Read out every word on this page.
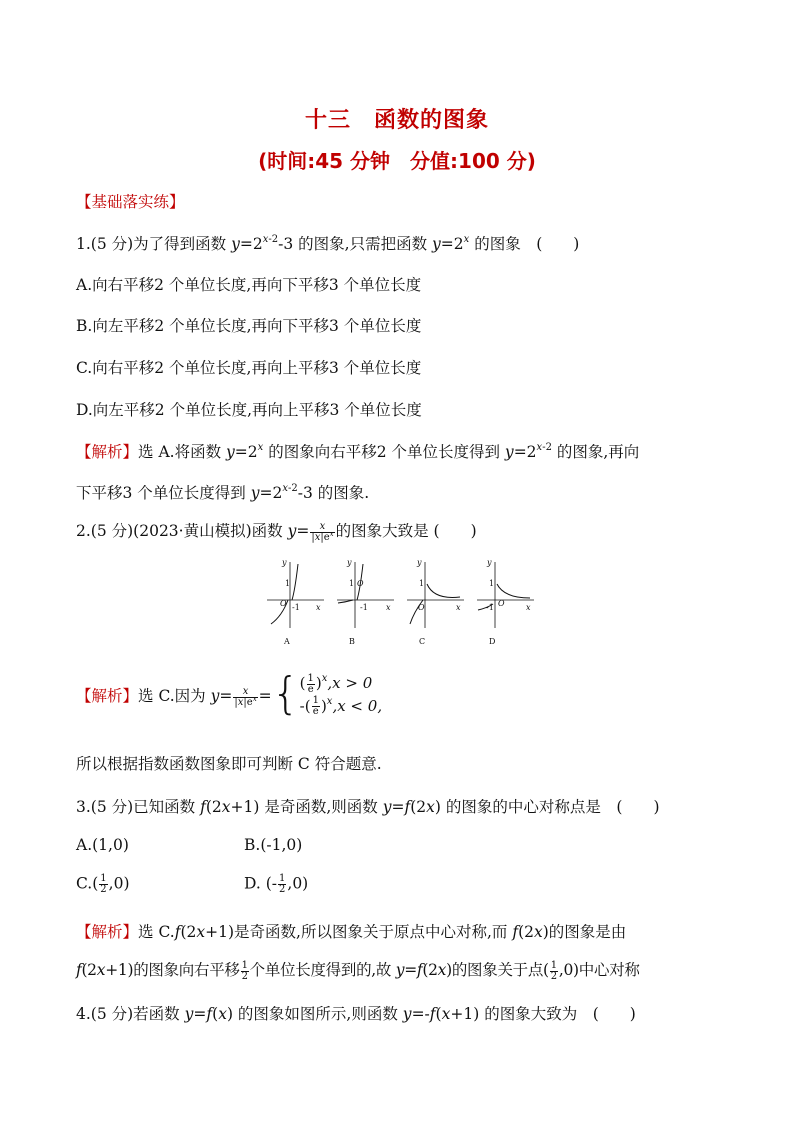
十三　函数的图象
(时间:45 分钟　分值:100 分)
【基础落实练】
1.(5 分)为了得到函数 $y=2^{x-2}-3$ 的图象,只需把函数 $y=2^x$ 的图象　(　　)
A.向右平移2 个单位长度,再向下平移3 个单位长度
B.向左平移2 个单位长度,再向下平移3 个单位长度
C.向右平移2 个单位长度,再向上平移3 个单位长度
D.向左平移2 个单位长度,再向上平移3 个单位长度
【解析】选 A.将函数 $y=2^x$ 的图象向右平移2 个单位长度得到 $y=2^{x-2}$ 的图象,再向
下平移3 个单位长度得到 $y=2^{x-2}-3$ 的图象.
2.(5 分)(2023·黄山模拟)函数 $y= \frac{x}{|x|e^x}$ 的图象大致是 (　　)
y
x
O
1
-1
A
y
x
O
1
-1
B
y
x
O
1
C
y
x
O
1
-1
D
【解析】选 C.因为 $y= \frac{x}{|x|e^x}$ ={ ( $\frac{1}{e} )^x,x > 0$
-( $\frac{1}{e} )^x,x < 0$,
所以根据指数函数图象即可判断 C 符合题意.
3.(5 分)已知函数 f(2x+1) 是奇函数,则函数 y=f(2x) 的图象的中心对称点是　(　　)
A.(1,0)	B.(-1,0)
$C.( \frac{1}{2} ,0)$	D. (- $\frac{1}{2} ,0$)
【解析】选 C.f(2x+1)是奇函数,所以图象关于原点中心对称,而 f(2x)的图象是由
f(2x+1)的图象向右平移 $\frac{1}{2}$ 个单位长度得到的,故 y=f(2x)的图象关于点( $\frac{1}{2} ,0$)中心对称
4.(5 分)若函数 y=f(x) 的图象如图所示,则函数 y=-f(x+1) 的图象大致为　(　　)
